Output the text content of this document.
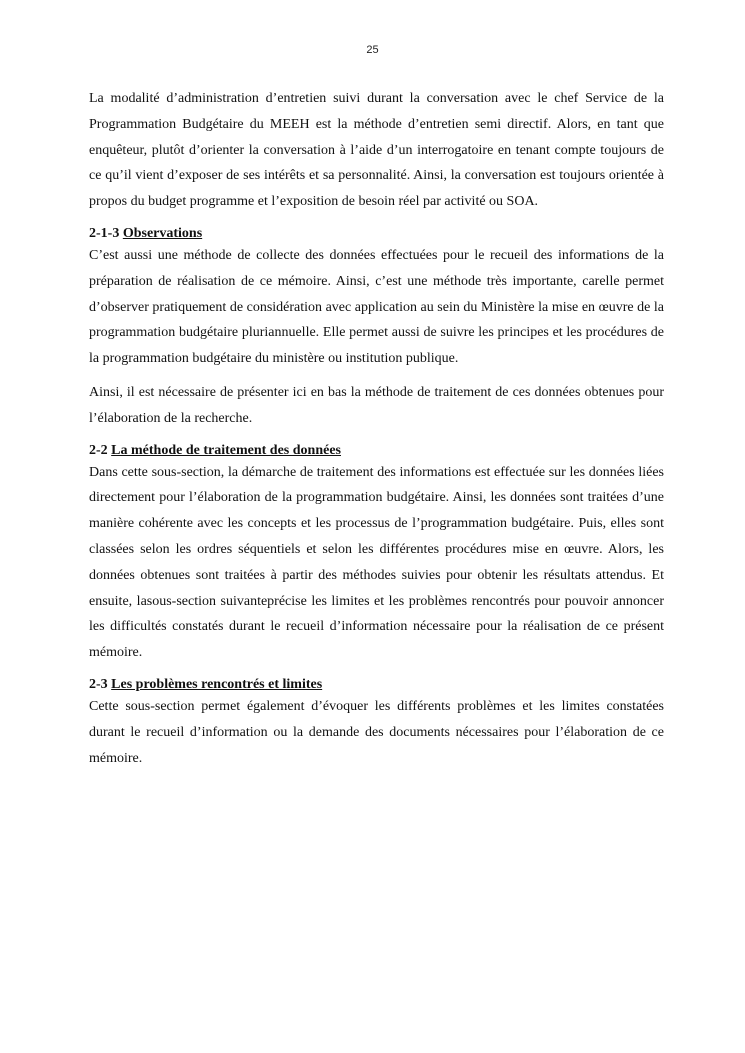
25

La modalité d’administration d’entretien suivi durant la conversation avec le chef Service de la Programmation Budgétaire du MEEH est la méthode d’entretien semi directif. Alors, en tant que enquêteur, plutôt d’orienter la conversation à l’aide d’un interrogatoire en tenant compte toujours de ce qu’il vient d’exposer de ses intérêts et sa personnalité. Ainsi, la conversation est toujours orientée à propos du budget programme et l’exposition de besoin réel par activité ou SOA.

2-1-3 Observations

C’est aussi une méthode de collecte des données effectuées pour le recueil des informations de la préparation de réalisation de ce mémoire. Ainsi, c’est une méthode très importante, carelle permet d’observer pratiquement de considération avec application au sein du Ministère la mise en œuvre de la programmation budgétaire pluriannuelle. Elle permet aussi de suivre les principes et les procédures de la programmation budgétaire du ministère ou institution publique.

Ainsi, il est nécessaire de présenter ici en bas la méthode de traitement de ces données obtenues pour l’élaboration de la recherche.

2-2 La méthode de traitement des données

Dans cette sous-section, la démarche de traitement des informations est effectuée sur les données liées directement pour l’élaboration de la programmation budgétaire. Ainsi, les données sont traitées d’une manière cohérente avec les concepts et les processus de l’programmation budgétaire. Puis, elles sont classées selon les ordres séquentiels et selon les différentes procédures mise en œuvre. Alors, les données obtenues sont traitées à partir des méthodes suivies pour obtenir les résultats attendus. Et ensuite, lasous-section suivanteprécise les limites et les problèmes rencontrés pour pouvoir annoncer les difficultés constatés durant le recueil d’information nécessaire pour la réalisation de ce présent mémoire.

2-3 Les problèmes rencontrés et limites

Cette sous-section permet également d’évoquer les différents problèmes et les limites constatées durant le recueil d’information ou la demande des documents nécessaires pour l’élaboration de ce mémoire.
